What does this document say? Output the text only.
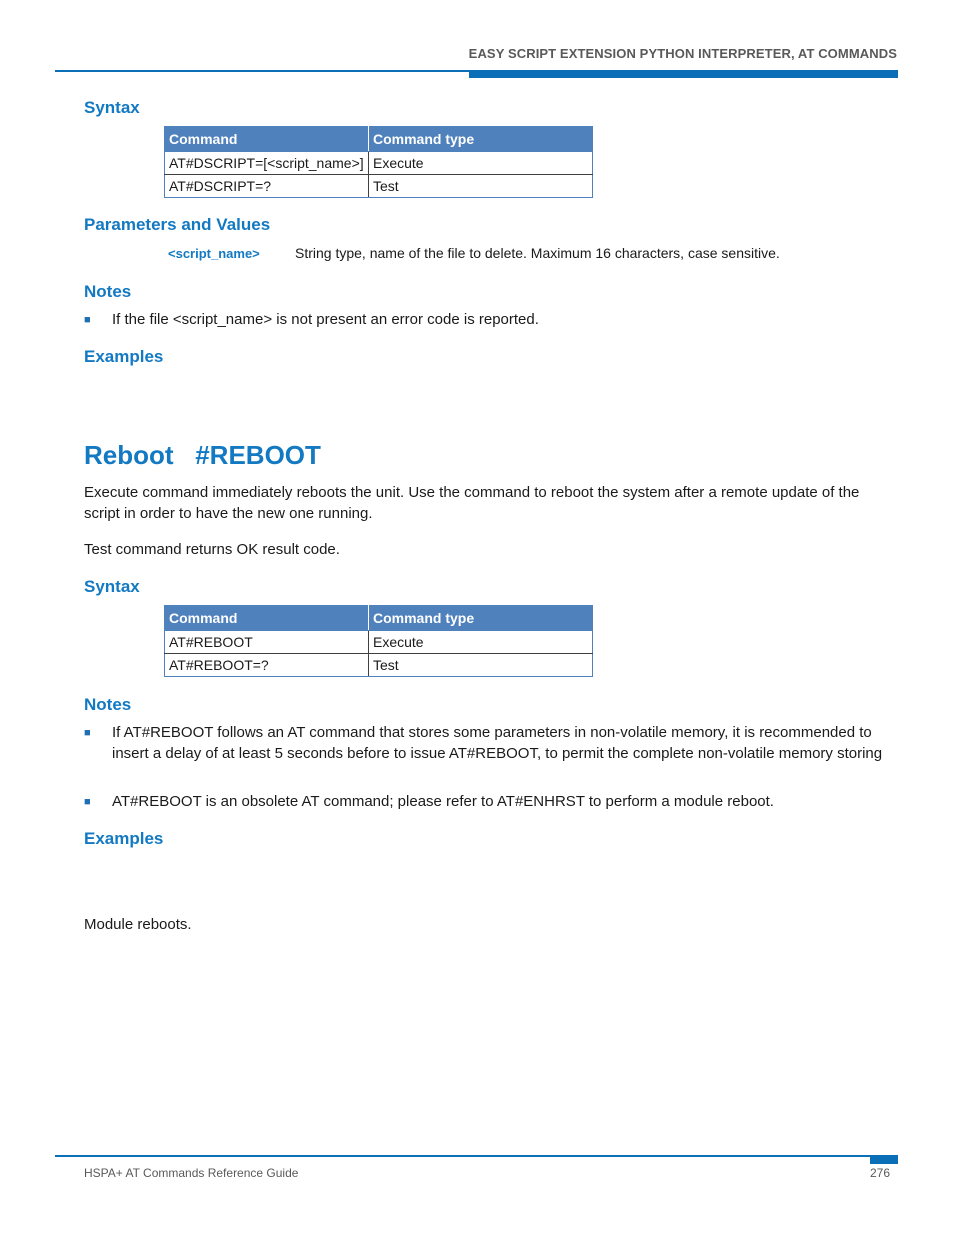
EASY SCRIPT EXTENSION PYTHON INTERPRETER, AT COMMANDS
Syntax
Command	Command type
AT#DSCRIPT=[<script_name>]	Execute
AT#DSCRIPT=?	Test
Parameters and Values
<script_name>	String type, name of the file to delete. Maximum 16 characters, case sensitive.
Notes
■ If the file <script_name> is not present an error code is reported.
Examples
Reboot   #REBOOT
Execute command immediately reboots the unit. Use the command to reboot the system after a remote update of the script in order to have the new one running.
Test command returns OK result code.
Syntax
Command	Command type
AT#REBOOT	Execute
AT#REBOOT=?	Test
Notes
■ If AT#REBOOT follows an AT command that stores some parameters in non-volatile memory, it is recommended to insert a delay of at least 5 seconds before to issue AT#REBOOT, to permit the complete non-volatile memory storing
■ AT#REBOOT is an obsolete AT command; please refer to AT#ENHRST to perform a module reboot.
Examples
Module reboots.
HSPA+ AT Commands Reference Guide	276
